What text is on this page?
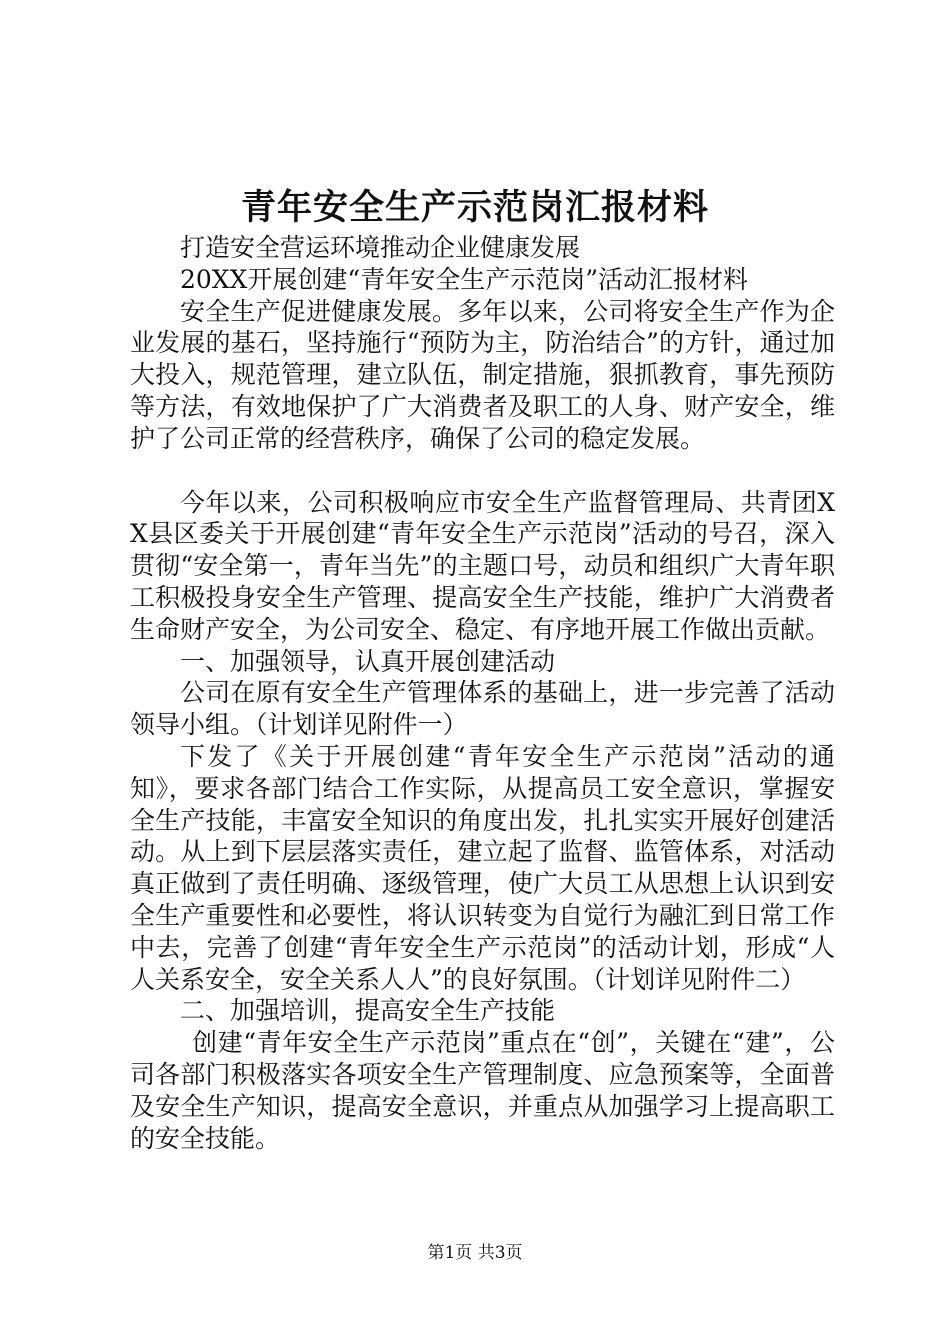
青年安全生产示范岗汇报材料

打造安全营运环境推动企业健康发展

20XX开展创建“青年安全生产示范岗”活动汇报材料

安全生产促进健康发展。多年以来，公司将安全生产作为企业发展的基石，坚持施行“预防为主，防治结合”的方针，通过加大投入，规范管理，建立队伍，制定措施，狠抓教育，事先预防等方法，有效地保护了广大消费者及职工的人身、财产安全，维护了公司正常的经营秩序，确保了公司的稳定发展。

今年以来，公司积极响应市安全生产监督管理局、共青团XX县区委关于开展创建“青年安全生产示范岗”活动的号召，深入贯彻“安全第一，青年当先”的主题口号，动员和组织广大青年职工积极投身安全生产管理、提高安全生产技能，维护广大消费者生命财产安全，为公司安全、稳定、有序地开展工作做出贡献。

一、加强领导，认真开展创建活动

公司在原有安全生产管理体系的基础上，进一步完善了活动领导小组。（计划详见附件一）

下发了《关于开展创建“青年安全生产示范岗”活动的通知》，要求各部门结合工作实际，从提高员工安全意识，掌握安全生产技能，丰富安全知识的角度出发，扎扎实实开展好创建活动。从上到下层层落实责任，建立起了监督、监管体系，对活动真正做到了责任明确、逐级管理，使广大员工从思想上认识到安全生产重要性和必要性，将认识转变为自觉行为融汇到日常工作中去，完善了创建“青年安全生产示范岗”的活动计划，形成“人人关系安全，安全关系人人”的良好氛围。（计划详见附件二）

二、加强培训，提高安全生产技能

创建“青年安全生产示范岗”重点在“创”，关键在“建”，公司各部门积极落实各项安全生产管理制度、应急预案等，全面普及安全生产知识，提高安全意识，并重点从加强学习上提高职工的安全技能。

第1页 共3页
